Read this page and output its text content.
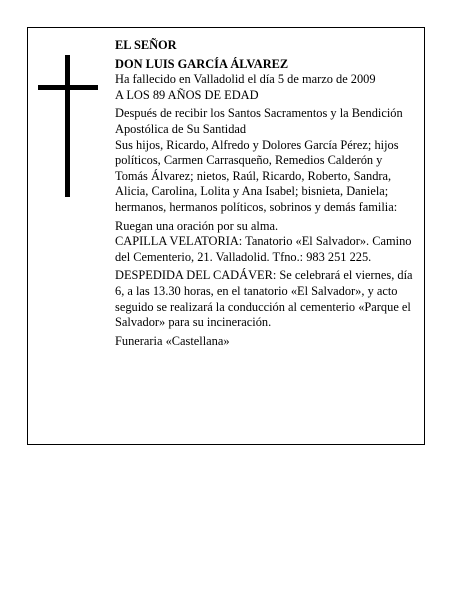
EL SEÑOR

DON LUIS GARCÍA ÁLVAREZ

Ha fallecido en Valladolid el día 5 de marzo de 2009

A LOS 89 AÑOS DE EDAD

Después de recibir los Santos Sacramentos y la Bendición Apostólica de Su Santidad

Sus hijos, Ricardo, Alfredo y Dolores García Pérez; hijos políticos, Carmen Carrasqueño, Remedios Calderón y Tomás Álvarez; nietos, Raúl, Ricardo, Roberto, Sandra, Alicia, Carolina, Lolita y Ana Isabel; bisnieta, Daniela; hermanos, hermanos políticos, sobrinos y demás familia:

Ruegan una oración por su alma.

CAPILLA VELATORIA: Tanatorio «El Salvador». Camino del Cementerio, 21. Valladolid. Tfno.: 983 251 225.

DESPEDIDA DEL CADÁVER: Se celebrará el viernes, día 6, a las 13.30 horas, en el tanatorio «El Salvador», y acto seguido se realizará la conducción al cementerio «Parque el Salvador» para su incineración.

Funeraria «Castellana»
